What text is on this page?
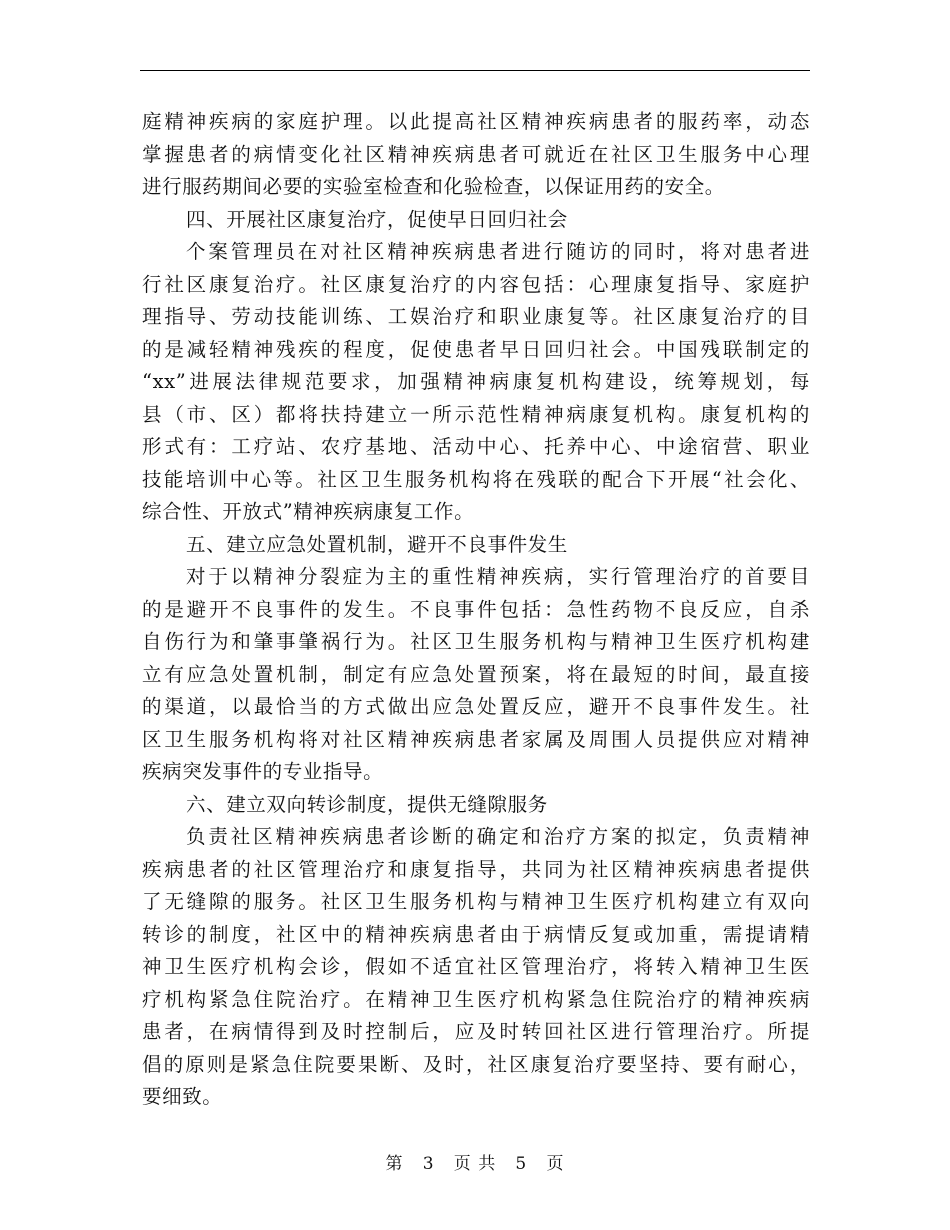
庭精神疾病的家庭护理。以此提高社区精神疾病患者的服药率，动态
掌握患者的病情变化社区精神疾病患者可就近在社区卫生服务中心理
进行服药期间必要的实验室检查和化验检查，以保证用药的安全。
四、开展社区康复治疗，促使早日回归社会
个案管理员在对社区精神疾病患者进行随访的同时，将对患者进
行社区康复治疗。社区康复治疗的内容包括：心理康复指导、家庭护
理指导、劳动技能训练、工娱治疗和职业康复等。社区康复治疗的目
的是减轻精神残疾的程度，促使患者早日回归社会。中国残联制定的
“xx”进展法律规范要求，加强精神病康复机构建设，统筹规划，每
县（市、区）都将扶持建立一所示范性精神病康复机构。康复机构的
形式有：工疗站、农疗基地、活动中心、托养中心、中途宿营、职业
技能培训中心等。社区卫生服务机构将在残联的配合下开展“社会化、
综合性、开放式”精神疾病康复工作。
五、建立应急处置机制，避开不良事件发生
对于以精神分裂症为主的重性精神疾病，实行管理治疗的首要目
的是避开不良事件的发生。不良事件包括：急性药物不良反应，自杀
自伤行为和肇事肇祸行为。社区卫生服务机构与精神卫生医疗机构建
立有应急处置机制，制定有应急处置预案，将在最短的时间，最直接
的渠道，以最恰当的方式做出应急处置反应，避开不良事件发生。社
区卫生服务机构将对社区精神疾病患者家属及周围人员提供应对精神
疾病突发事件的专业指导。
六、建立双向转诊制度，提供无缝隙服务
负责社区精神疾病患者诊断的确定和治疗方案的拟定，负责精神
疾病患者的社区管理治疗和康复指导，共同为社区精神疾病患者提供
了无缝隙的服务。社区卫生服务机构与精神卫生医疗机构建立有双向
转诊的制度，社区中的精神疾病患者由于病情反复或加重，需提请精
神卫生医疗机构会诊，假如不适宜社区管理治疗，将转入精神卫生医
疗机构紧急住院治疗。在精神卫生医疗机构紧急住院治疗的精神疾病
患者，在病情得到及时控制后，应及时转回社区进行管理治疗。所提
倡的原则是紧急住院要果断、及时，社区康复治疗要坚持、要有耐心，
要细致。
第 3 页 共 5 页
